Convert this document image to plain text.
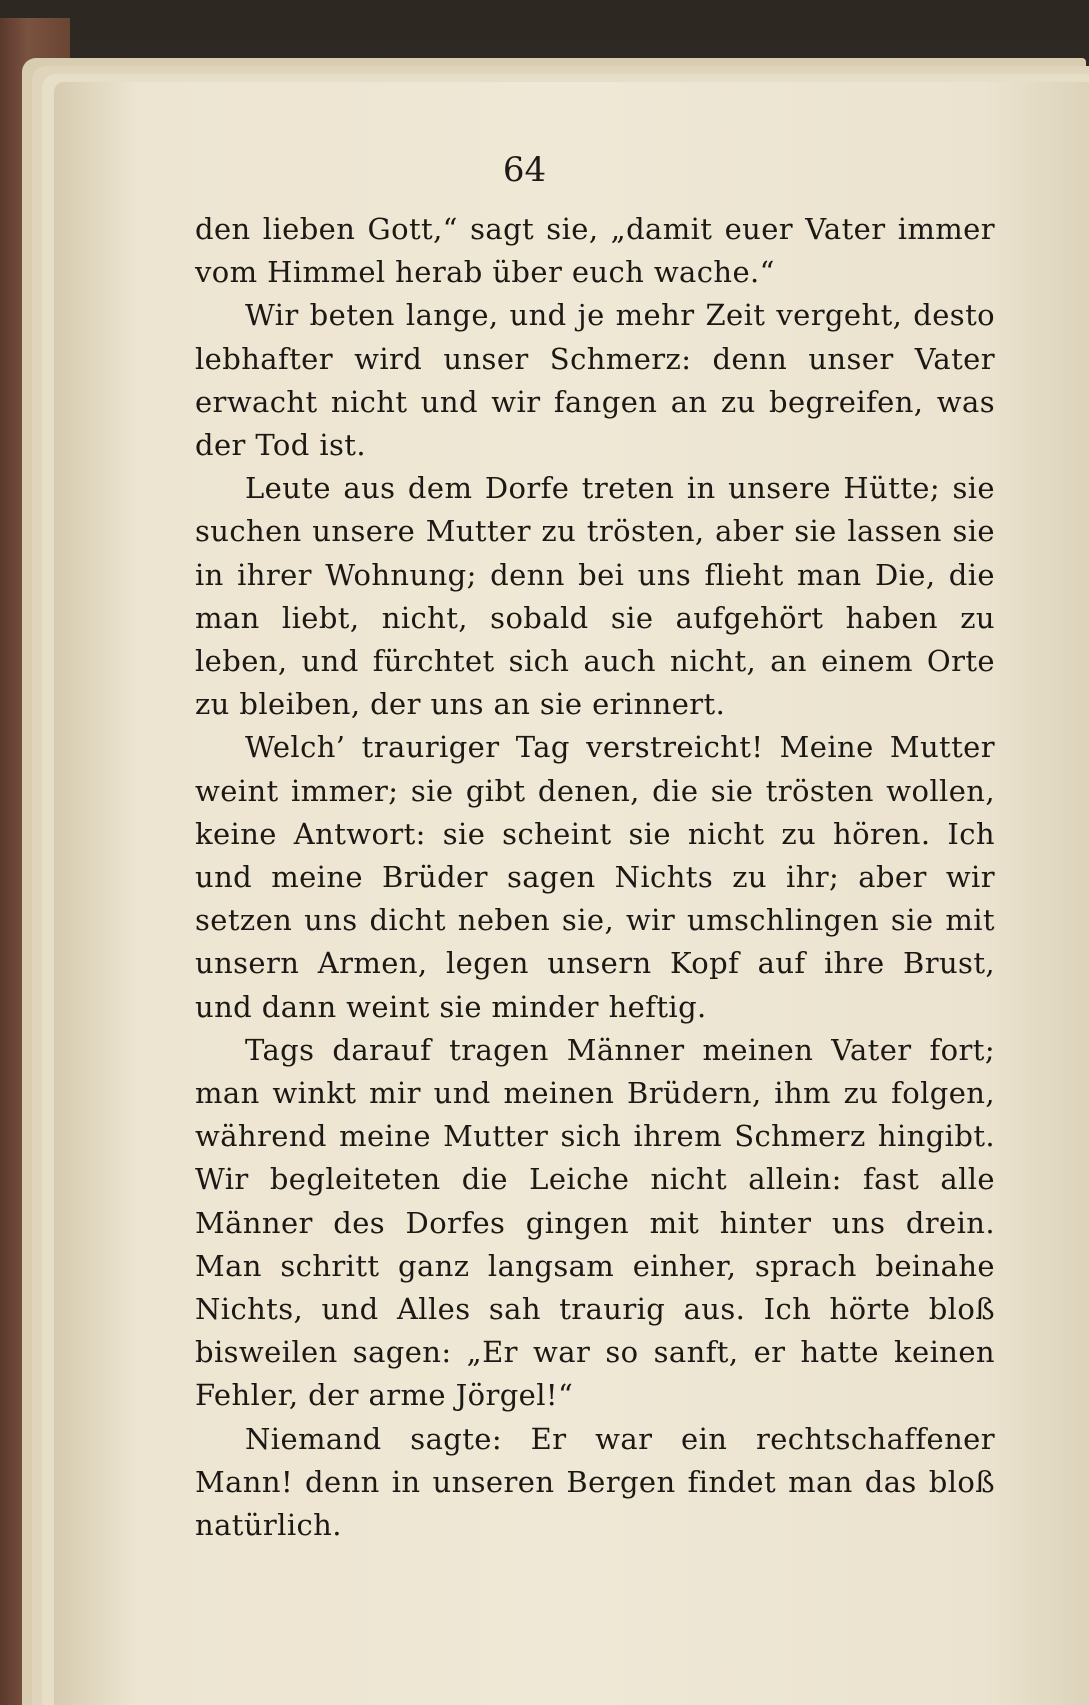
64

den lieben Gott,“ sagt sie, „damit euer Vater immer vom Himmel herab über euch wache.“

Wir beten lange, und je mehr Zeit vergeht, desto lebhafter wird unser Schmerz: denn unser Vater erwacht nicht und wir fangen an zu begreifen, was der Tod ist.

Leute aus dem Dorfe treten in unsere Hütte; sie suchen unsere Mutter zu trösten, aber sie lassen sie in ihrer Wohnung; denn bei uns flieht man Die, die man liebt, nicht, sobald sie aufgehört haben zu leben, und fürchtet sich auch nicht, an einem Orte zu bleiben, der uns an sie erinnert.

Welch’ trauriger Tag verstreicht! Meine Mutter weint immer; sie gibt denen, die sie trösten wollen, keine Antwort: sie scheint sie nicht zu hören. Ich und meine Brüder sagen Nichts zu ihr; aber wir setzen uns dicht neben sie, wir umschlingen sie mit unsern Armen, legen unsern Kopf auf ihre Brust, und dann weint sie minder heftig.

Tags darauf tragen Männer meinen Vater fort; man winkt mir und meinen Brüdern, ihm zu folgen, während meine Mutter sich ihrem Schmerz hingibt. Wir begleiteten die Leiche nicht allein: fast alle Männer des Dorfes gingen mit hinter uns drein. Man schritt ganz langsam einher, sprach beinahe Nichts, und Alles sah traurig aus. Ich hörte bloß bisweilen sagen: „Er war so sanft, er hatte keinen Fehler, der arme Jörgel!“

Niemand sagte: Er war ein rechtschaffener Mann! denn in unseren Bergen findet man das bloß natürlich.
